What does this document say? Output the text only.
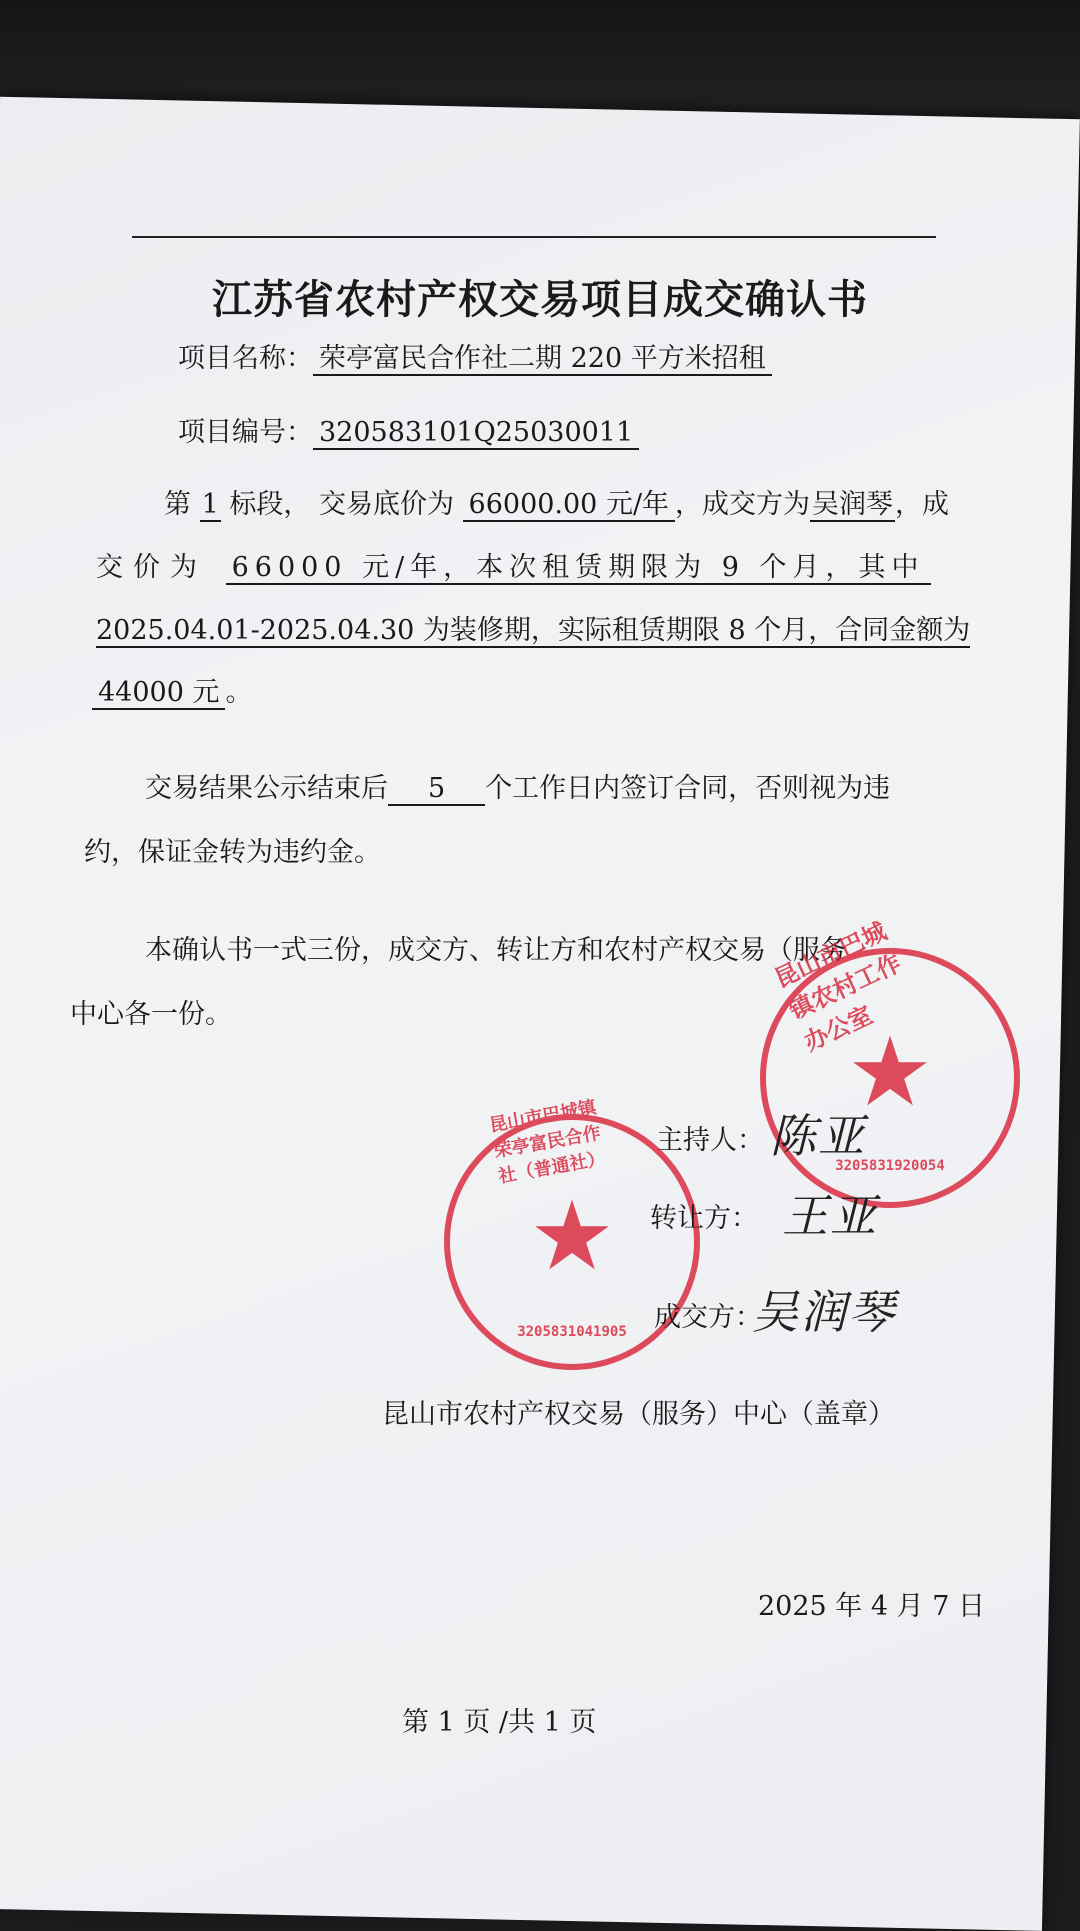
江苏省农村产权交易项目成交确认书
项目名称： 荣亭富民合作社二期 220 平方米招租
项目编号： 320583101Q25030011
第 1 标段， 交易底价为 66000.00 元/年 ，成交方为吴润琴，成
交价为 66000 元/年，本次租赁期限为 9 个月，其中
2025.04.01-2025.04.30 为装修期，实际租赁期限 8 个月，合同金额为
44000 元 。
交易结果公示结束后 5 个工作日内签订合同，否则视为违
约，保证金转为违约金。
本确认书一式三份，成交方、转让方和农村产权交易（服务
中心各一份。
★
昆山市巴城镇农村工作办公室
3205831920054
主持人： 陈亚
★
昆山市巴城镇荣亭富民合作社（普通社）
3205831041905
转让方： 王亚
成交方：
吴润琴
昆山市农村产权交易（服务）中心（盖章）
2025 年 4 月 7 日
第 1 页 /共 1 页
